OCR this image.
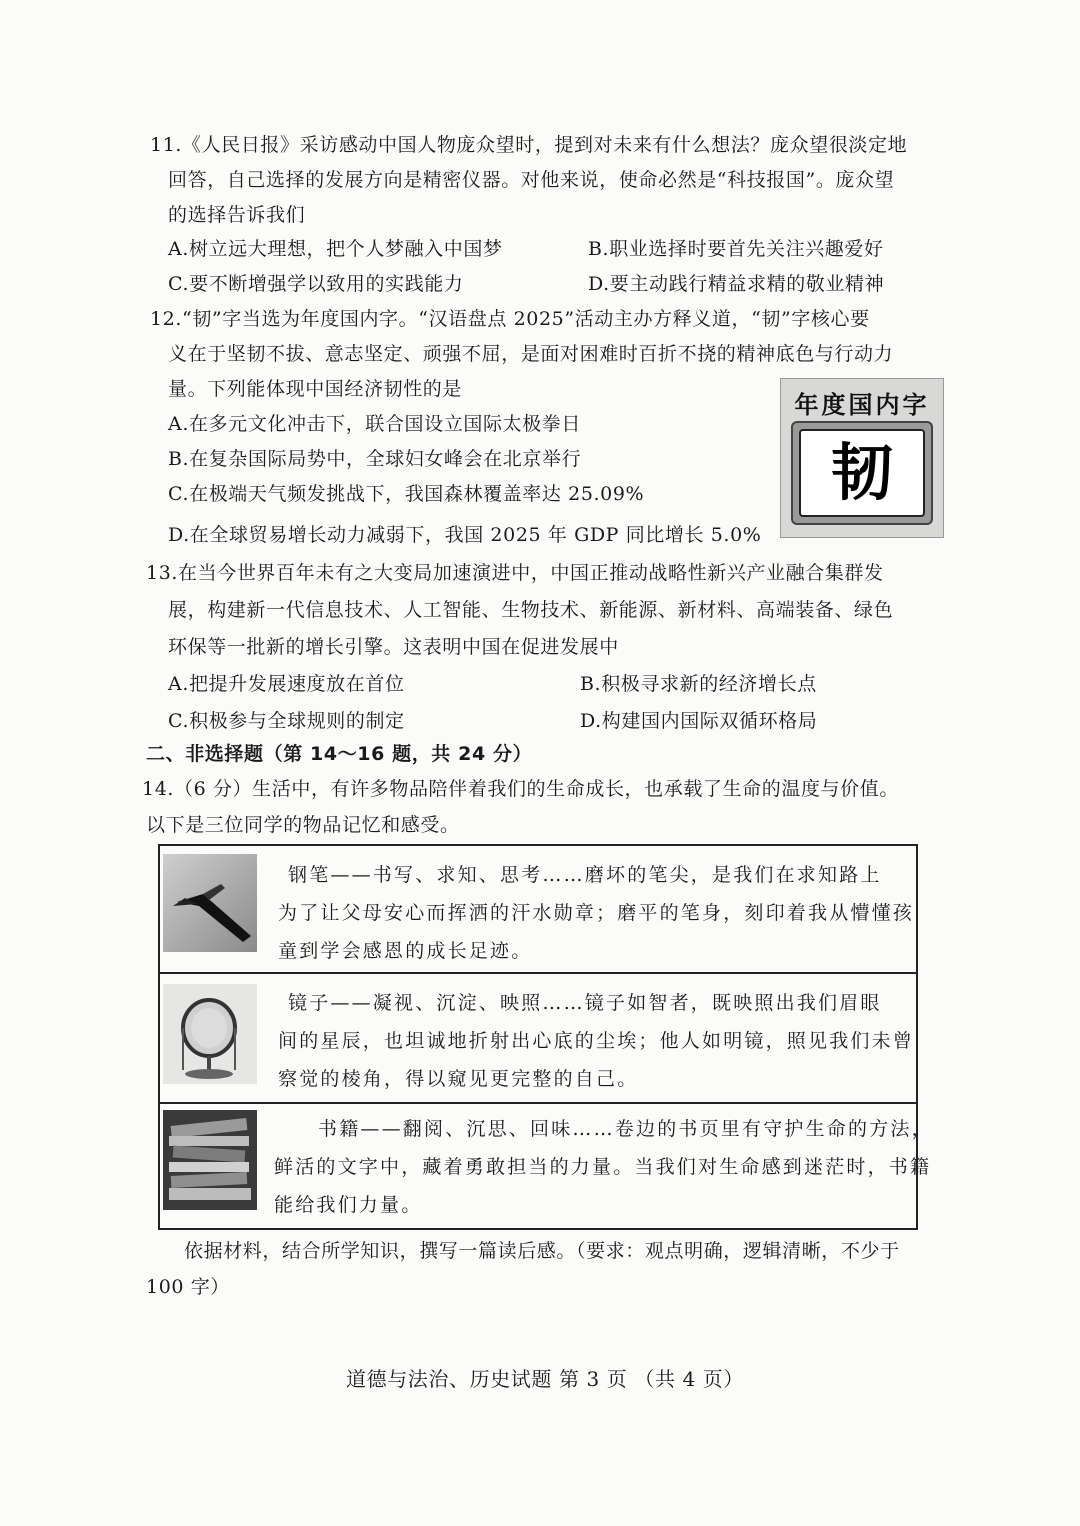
11.《人民日报》采访感动中国人物庞众望时，提到对未来有什么想法？庞众望很淡定地
回答，自己选择的发展方向是精密仪器。对他来说，使命必然是“科技报国”。庞众望
的选择告诉我们
A.树立远大理想，把个人梦融入中国梦	B.职业选择时要首先关注兴趣爱好
C.要不断增强学以致用的实践能力	D.要主动践行精益求精的敬业精神
12.“韧”字当选为年度国内字。“汉语盘点 2025”活动主办方释义道，“韧”字核心要
义在于坚韧不拔、意志坚定、顽强不屈，是面对困难时百折不挠的精神底色与行动力
量。下列能体现中国经济韧性的是
A.在多元文化冲击下，联合国设立国际太极拳日
B.在复杂国际局势中，全球妇女峰会在北京举行
C.在极端天气频发挑战下，我国森林覆盖率达 25.09%
D.在全球贸易增长动力减弱下，我国 2025 年 GDP 同比增长 5.0%
年度国内字
韧
13.在当今世界百年未有之大变局加速演进中，中国正推动战略性新兴产业融合集群发
展，构建新一代信息技术、人工智能、生物技术、新能源、新材料、高端装备、绿色
环保等一批新的增长引擎。这表明中国在促进发展中
A.把提升发展速度放在首位	B.积极寻求新的经济增长点
C.积极参与全球规则的制定	D.构建国内国际双循环格局
二、非选择题（第 14～16 题，共 24 分）
14.（6 分）生活中，有许多物品陪伴着我们的生命成长，也承载了生命的温度与价值。
以下是三位同学的物品记忆和感受。
钢笔——书写、求知、思考……磨坏的笔尖，是我们在求知路上
为了让父母安心而挥洒的汗水勋章；磨平的笔身，刻印着我从懵懂孩
童到学会感恩的成长足迹。
镜子——凝视、沉淀、映照……镜子如智者，既映照出我们眉眼
间的星辰，也坦诚地折射出心底的尘埃；他人如明镜，照见我们未曾
察觉的棱角，得以窥见更完整的自己。
书籍——翻阅、沉思、回味……卷边的书页里有守护生命的方法，
鲜活的文字中，藏着勇敢担当的力量。当我们对生命感到迷茫时，书籍
能给我们力量。
依据材料，结合所学知识，撰写一篇读后感。（要求：观点明确，逻辑清晰，不少于
100 字）
道德与法治、历史试题 第 3 页 （共 4 页）
